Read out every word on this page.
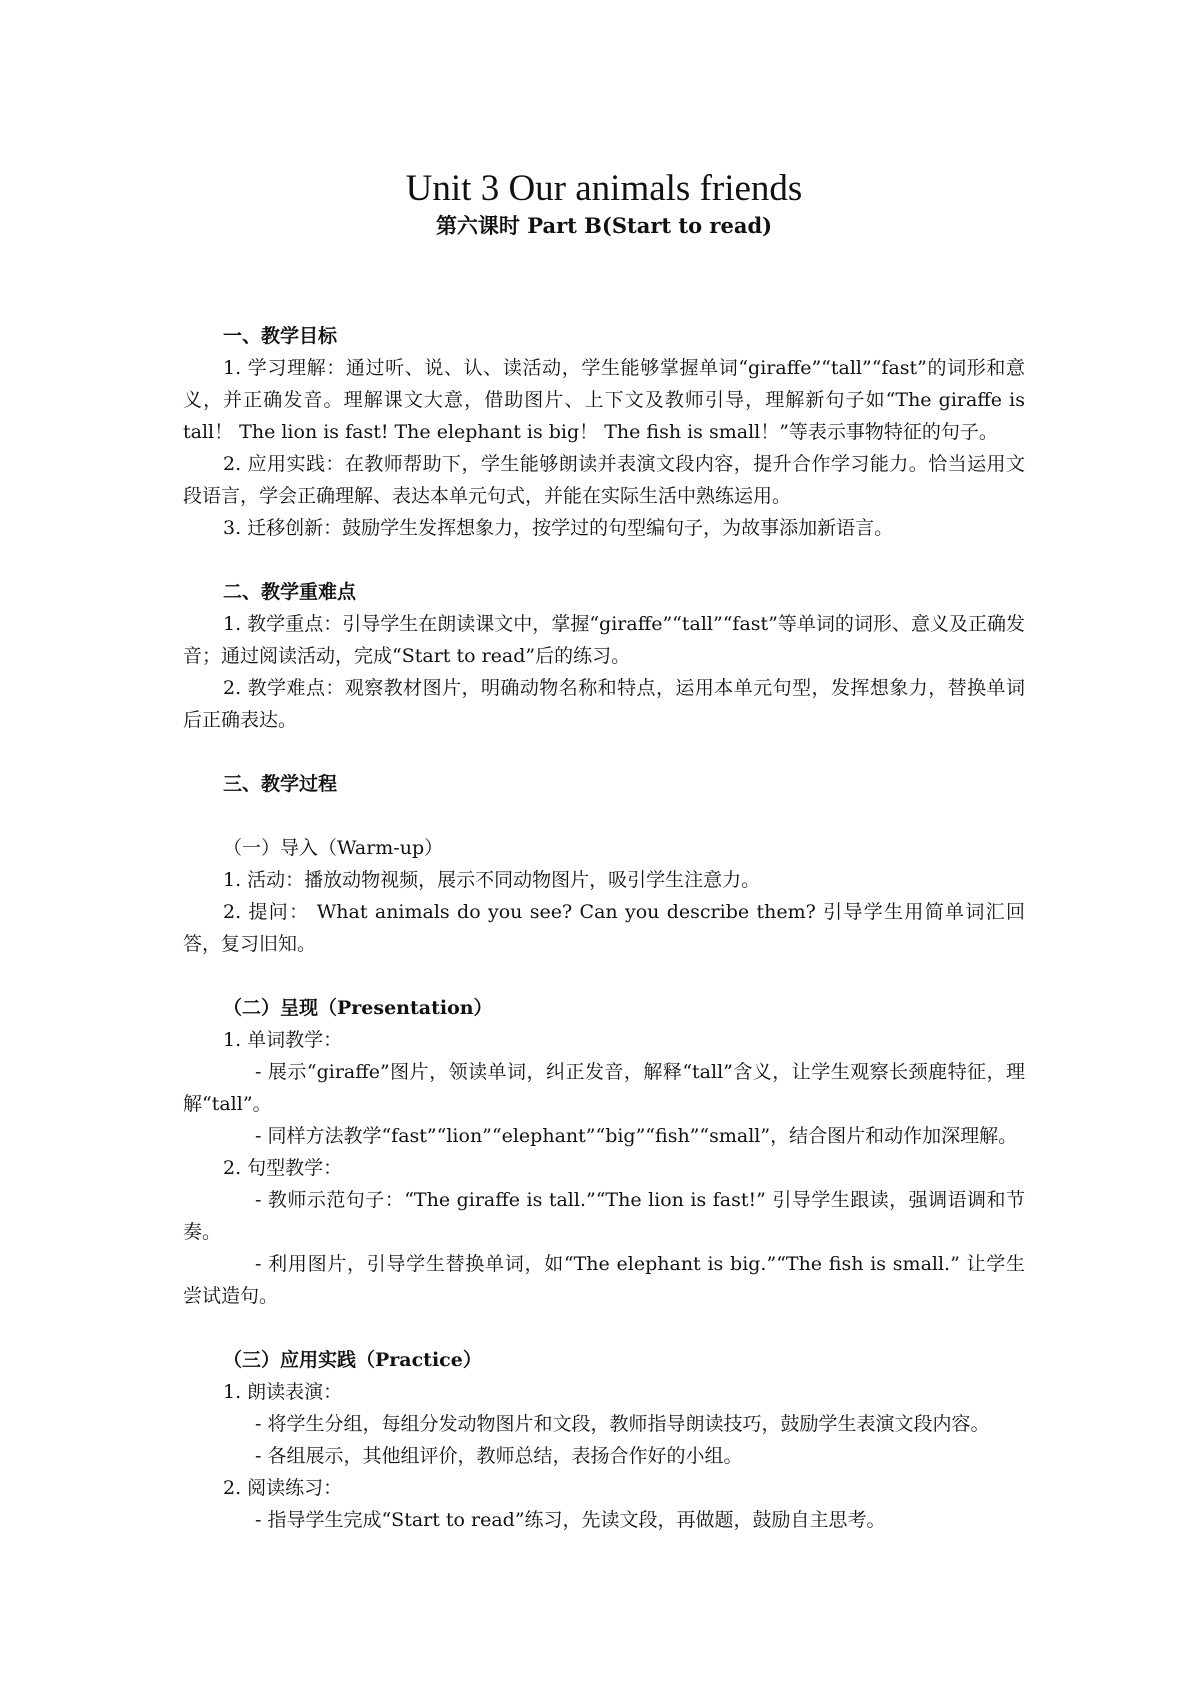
Unit 3 Our animals friends
第六课时 Part B(Start to read)

一、教学目标

1. 学习理解：通过听、说、认、读活动，学生能够掌握单词“giraffe”“tall”“fast”的词形和意义，并正确发音。理解课文大意，借助图片、上下文及教师引导，理解新句子如“The giraffe is tall！ The lion is fast! The elephant is big！ The fish is small！”等表示事物特征的句子。

2. 应用实践：在教师帮助下，学生能够朗读并表演文段内容，提升合作学习能力。恰当运用文段语言，学会正确理解、表达本单元句式，并能在实际生活中熟练运用。

3. 迁移创新：鼓励学生发挥想象力，按学过的句型编句子，为故事添加新语言。

二、教学重难点

1. 教学重点：引导学生在朗读课文中，掌握“giraffe”“tall”“fast”等单词的词形、意义及正确发音；通过阅读活动，完成“Start to read”后的练习。

2. 教学难点：观察教材图片，明确动物名称和特点，运用本单元句型，发挥想象力，替换单词后正确表达。

三、教学过程

（一）导入（Warm-up）

1. 活动：播放动物视频，展示不同动物图片，吸引学生注意力。

2. 提问： What animals do you see? Can you describe them? 引导学生用简单词汇回答，复习旧知。

（二）呈现（Presentation）

1. 单词教学：

- 展示“giraffe”图片，领读单词，纠正发音，解释“tall”含义，让学生观察长颈鹿特征，理解“tall”。

- 同样方法教学“fast”“lion”“elephant”“big”“fish”“small”，结合图片和动作加深理解。

2. 句型教学：

- 教师示范句子：“The giraffe is tall.”“The lion is fast!” 引导学生跟读，强调语调和节奏。

- 利用图片，引导学生替换单词，如“The elephant is big.”“The fish is small.” 让学生尝试造句。

（三）应用实践（Practice）

1. 朗读表演：

- 将学生分组，每组分发动物图片和文段，教师指导朗读技巧，鼓励学生表演文段内容。

- 各组展示，其他组评价，教师总结，表扬合作好的小组。

2. 阅读练习：

- 指导学生完成“Start to read”练习，先读文段，再做题，鼓励自主思考。
